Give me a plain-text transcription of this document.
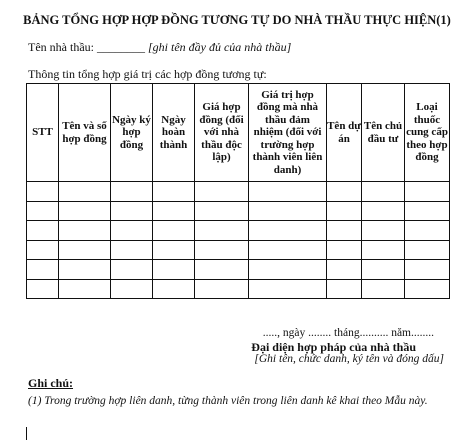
BẢNG TỔNG HỢP HỢP ĐỒNG TƯƠNG TỰ DO NHÀ THẦU THỰC HIỆN(1)
Tên nhà thầu: ________ [ghi tên đầy đủ của nhà thầu]
Thông tin tổng hợp giá trị các hợp đồng tương tự:
STT	Tên và số hợp đồng	Ngày ký hợp đồng	Ngày hoàn thành	Giá hợp đồng (đối với nhà thầu độc lập)	Giá trị hợp đồng mà nhà thầu đảm nhiệm (đối với trường hợp thành viên liên danh)	Tên dự án	Tên chủ đầu tư	Loại thuốc cung cấp theo hợp đồng

....., ngày ........ tháng.......... năm........
Đại diện hợp pháp của nhà thầu
[Ghi tên, chức danh, ký tên và đóng dấu]
Ghi chú:
(1) Trong trường hợp liên danh, từng thành viên trong liên danh kê khai theo Mẫu này.
